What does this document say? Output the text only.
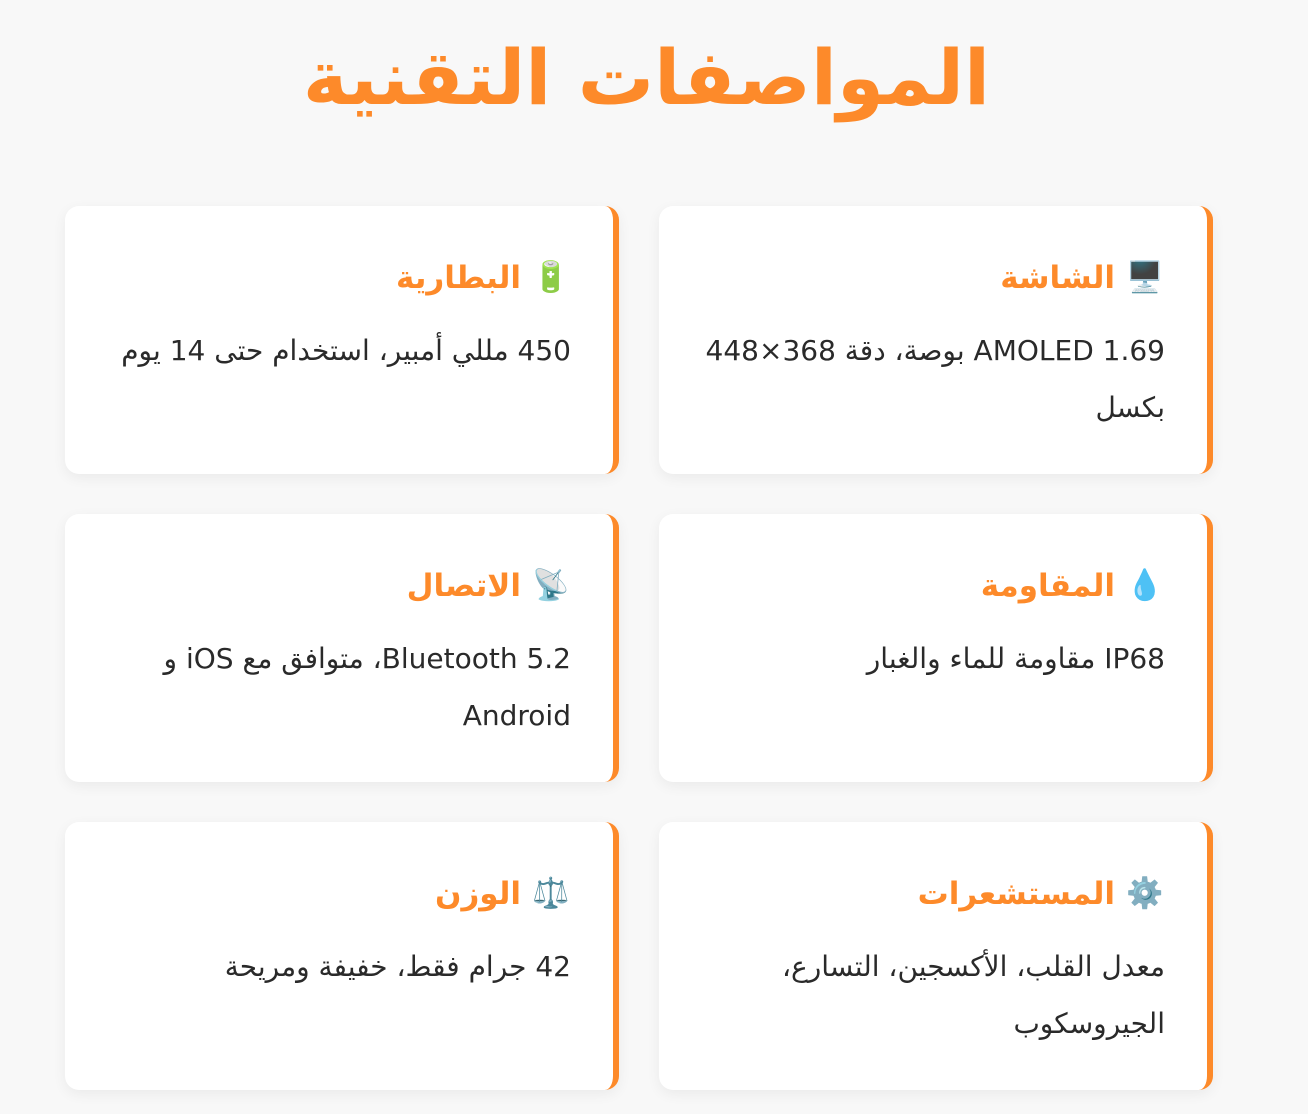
المواصفات التقنية
🖥️
الشاشة

AMOLED 1.69 بوصة، دقة 368×448 بكسل

🔋
البطارية

450 مللي أمبير، استخدام حتى 14 يوم

💧
المقاومة

IP68 مقاومة للماء والغبار

📡
الاتصال

Bluetooth 5.2، متوافق مع iOS و Android

⚙️
المستشعرات

معدل القلب، الأكسجين، التسارع، الجيروسكوب

⚖️
الوزن

42 جرام فقط، خفيفة ومريحة
